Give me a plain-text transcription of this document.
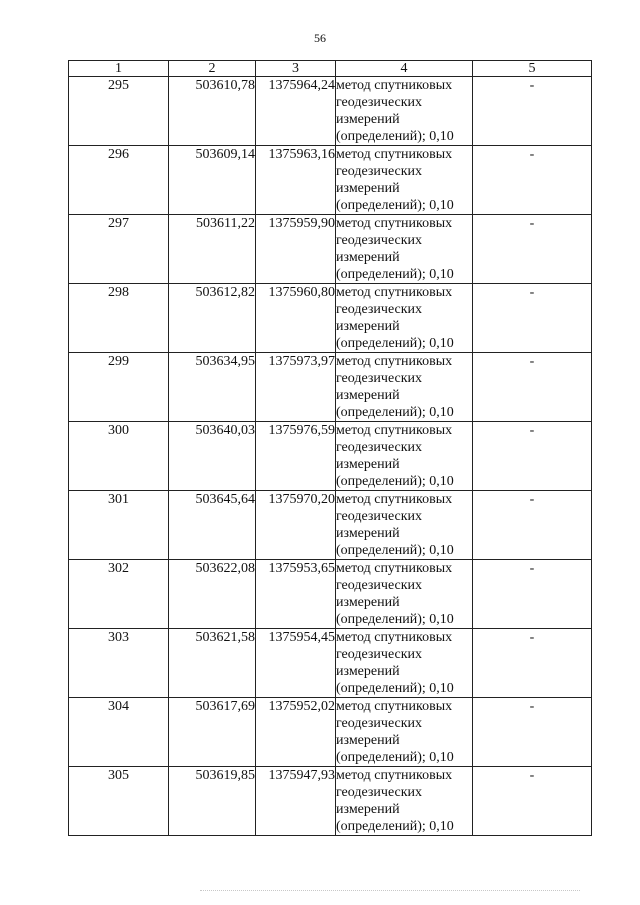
56
1	2	3	4	5
295	503610,78	1375964,24	метод спутниковых
геодезических
измерений
(определений); 0,10	-
296	503609,14	1375963,16	метод спутниковых
геодезических
измерений
(определений); 0,10	-
297	503611,22	1375959,90	метод спутниковых
геодезических
измерений
(определений); 0,10	-
298	503612,82	1375960,80	метод спутниковых
геодезических
измерений
(определений); 0,10	-
299	503634,95	1375973,97	метод спутниковых
геодезических
измерений
(определений); 0,10	-
300	503640,03	1375976,59	метод спутниковых
геодезических
измерений
(определений); 0,10	-
301	503645,64	1375970,20	метод спутниковых
геодезических
измерений
(определений); 0,10	-
302	503622,08	1375953,65	метод спутниковых
геодезических
измерений
(определений); 0,10	-
303	503621,58	1375954,45	метод спутниковых
геодезических
измерений
(определений); 0,10	-
304	503617,69	1375952,02	метод спутниковых
геодезических
измерений
(определений); 0,10	-
305	503619,85	1375947,93	метод спутниковых
геодезических
измерений
(определений); 0,10	-
